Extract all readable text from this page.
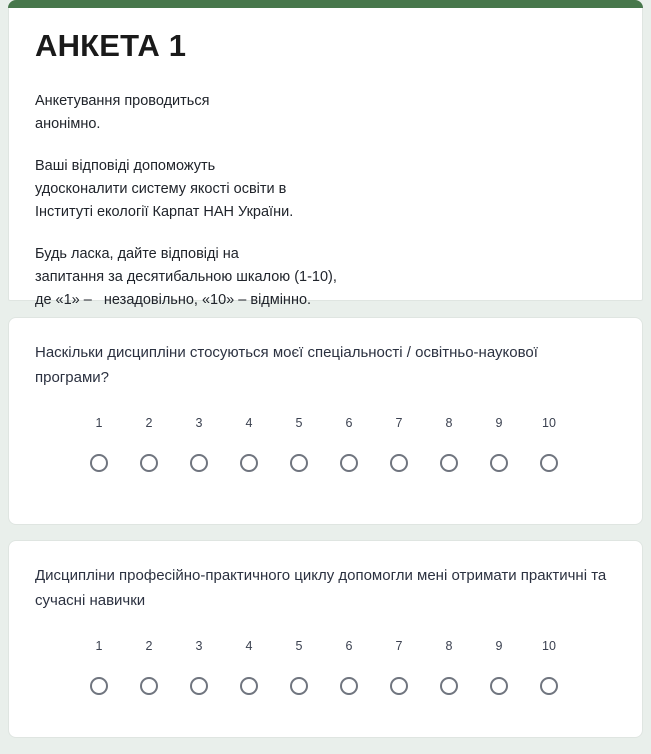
АНКЕТА 1

Анкетування проводиться
анонімно.

Ваші відповіді допоможуть
удосконалити систему якості освіти в
Інституті екології Карпат НАН України.

Будь ласка, дайте відповіді на
запитання за десятибальною шкалою (1-10),
де «1» –   незадовільно, «10» – відмінно.

Наскільки дисципліни стосуються моєї спеціальності / освітньо-наукової програми?

1	2	3	4	5	6	7	8	9	10

Дисципліни професійно-практичного циклу допомогли мені отримати практичні та сучасні навички

1	2	3	4	5	6	7	8	9	10
